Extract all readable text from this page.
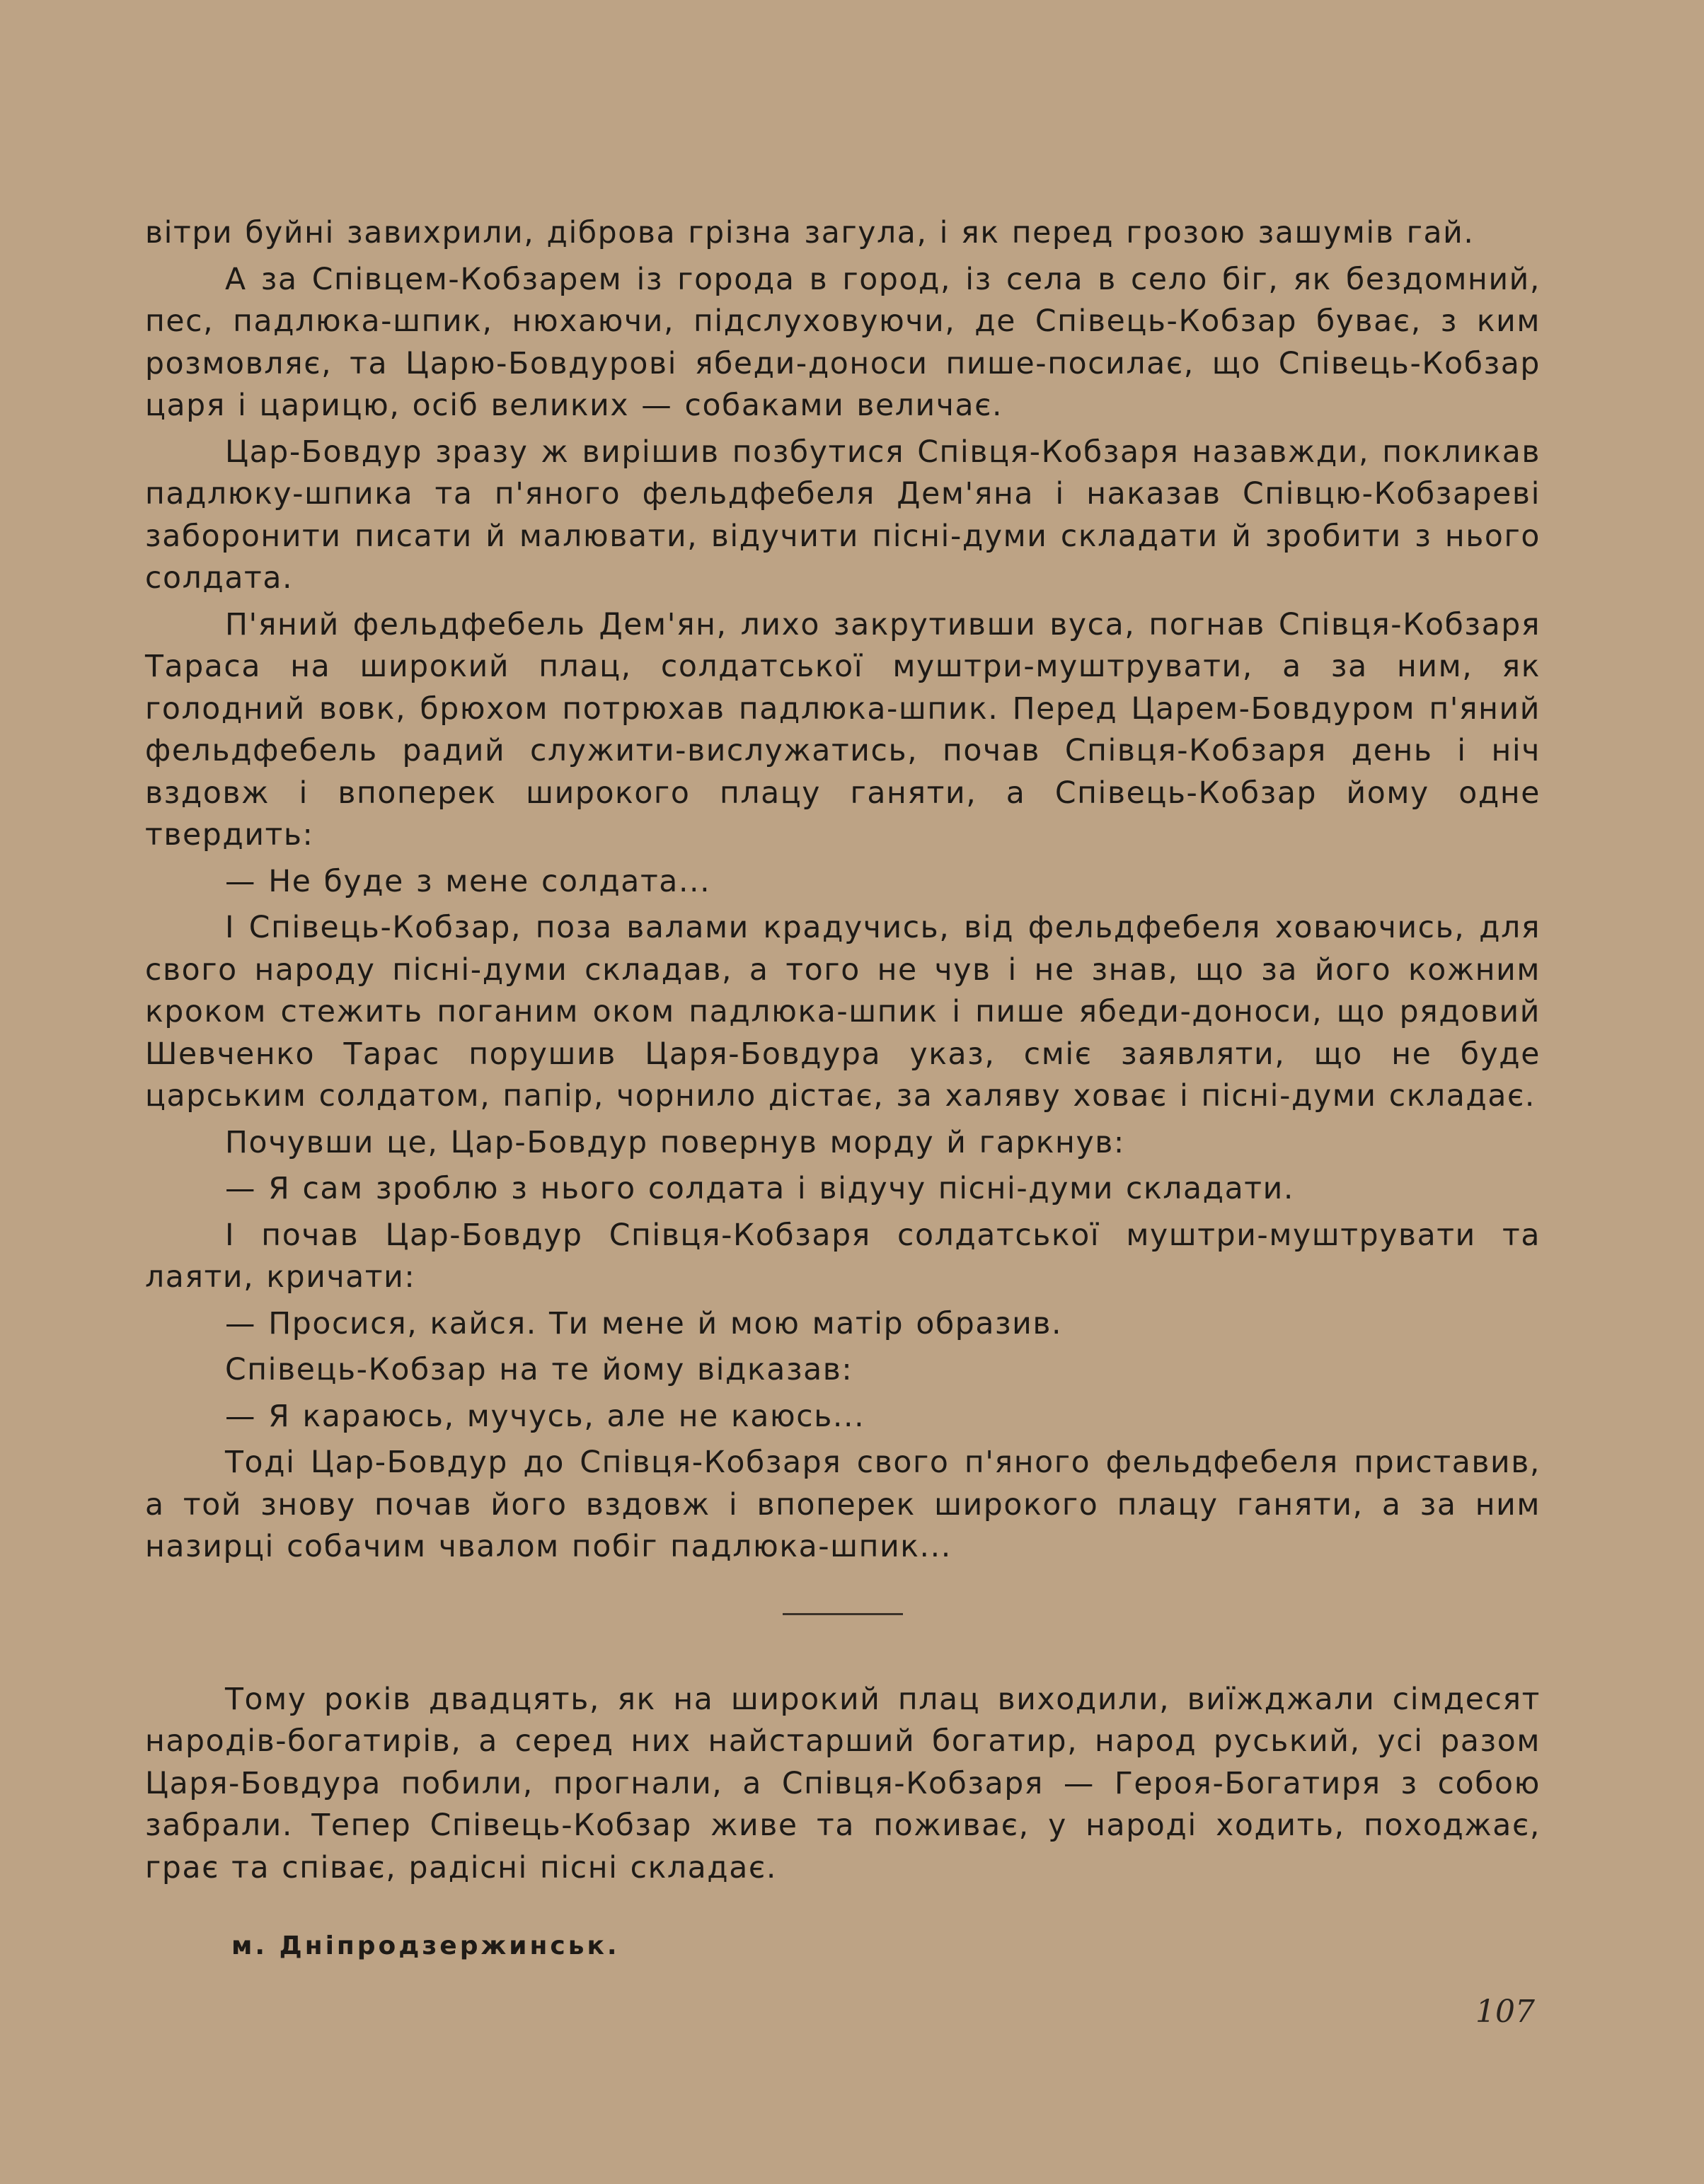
вітри буйні завихрили, діброва грізна загула, і як перед грозою зашумів гай.

А за Співцем-Кобзарем із города в город, із села в село біг, як бездомний, пес, падлюка-шпик, нюхаючи, підслуховуючи, де Співець-Кобзар буває, з ким розмовляє, та Царю-Бовдурові ябеди-доноси пише-посилає, що Співець-Кобзар царя і царицю, осіб великих — собаками величає.

Цар-Бовдур зразу ж вирішив позбутися Співця-Кобзаря назавжди, покликав падлюку-шпика та п'яного фельдфебеля Дем'яна і наказав Співцю-Кобзареві заборонити писати й малювати, відучити пісні-думи складати й зробити з нього солдата.

П'яний фельдфебель Дем'ян, лихо закрутивши вуса, погнав Співця-Кобзаря Тараса на широкий плац, солдатської муштри-муштрувати, а за ним, як голодний вовк, брюхом потрюхав падлюка-шпик. Перед Царем-Бовдуром п'яний фельдфебель радий служити-вислужатись, почав Співця-Кобзаря день і ніч вздовж і впоперек широкого плацу ганяти, а Співець-Кобзар йому одне твердить:

— Не буде з мене солдата...

І Співець-Кобзар, поза валами крадучись, від фельдфебеля ховаючись, для свого народу пісні-думи складав, а того не чув і не знав, що за його кожним кроком стежить поганим оком падлюка-шпик і пише ябеди-доноси, що рядовий Шевченко Тарас порушив Царя-Бовдура указ, сміє заявляти, що не буде царським солдатом, папір, чорнило дістає, за халяву ховає і пісні-думи складає.

Почувши це, Цар-Бовдур повернув морду й гаркнув:

— Я сам зроблю з нього солдата і відучу пісні-думи складати.

І почав Цар-Бовдур Співця-Кобзаря солдатської муштри-муштрувати та лаяти, кричати:

— Просися, кайся. Ти мене й мою матір образив.

Співець-Кобзар на те йому відказав:

— Я караюсь, мучусь, але не каюсь...

Тоді Цар-Бовдур до Співця-Кобзаря свого п'яного фельдфебеля приставив, а той знову почав його вздовж і впоперек широкого плацу ганяти, а за ним назирці собачим чвалом побіг падлюка-шпик...

Тому років двадцять, як на широкий плац виходили, виїжджали сімдесят народів-богатирів, а серед них найстарший богатир, народ руський, усі разом Царя-Бовдура побили, прогнали, а Співця-Кобзаря — Героя-Богатиря з собою забрали. Тепер Співець-Кобзар живе та поживає, у народі ходить, походжає, грає та співає, радісні пісні складає.

м. Дніпродзержинськ.
107
